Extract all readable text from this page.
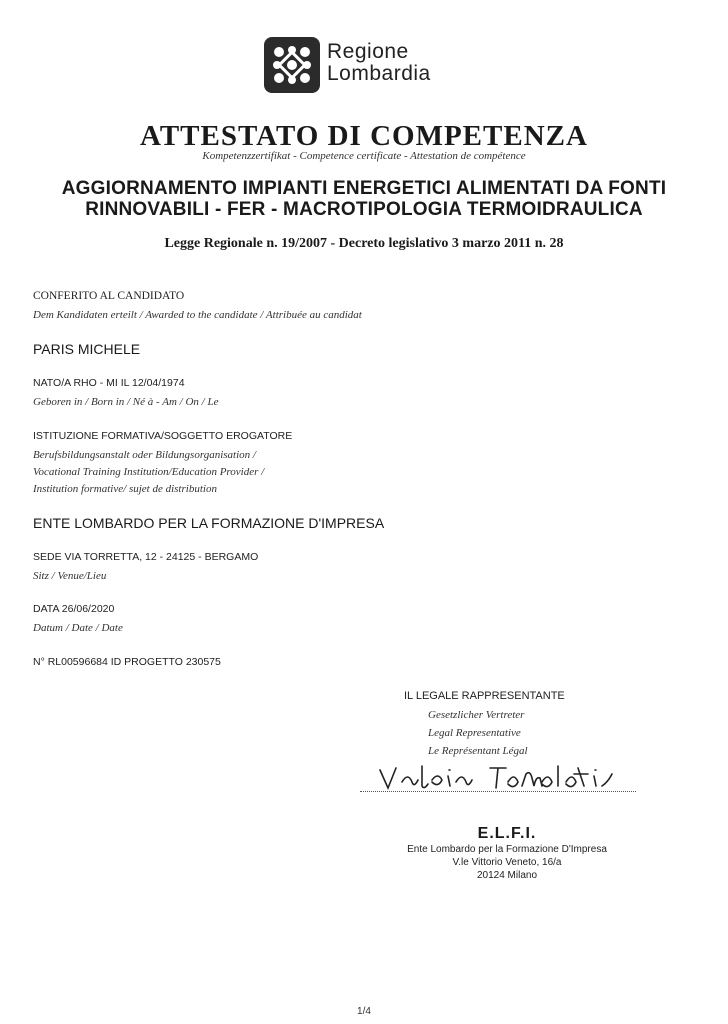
Regione
Lombardia
ATTESTATO DI COMPETENZA
Kompetenzzertifikat - Competence certificate - Attestation de compétence
AGGIORNAMENTO IMPIANTI ENERGETICI ALIMENTATI DA FONTI
RINNOVABILI - FER - MACROTIPOLOGIA TERMOIDRAULICA
Legge Regionale n. 19/2007 - Decreto legislativo 3 marzo 2011 n. 28
CONFERITO AL CANDIDATO
Dem Kandidaten erteilt / Awarded to the candidate / Attribuée au candidat
PARIS MICHELE
NATO/A RHO - MI IL 12/04/1974
Geboren in / Born in / Né à - Am / On / Le
ISTITUZIONE FORMATIVA/SOGGETTO EROGATORE
Berufsbildungsanstalt oder Bildungsorganisation /
Vocational Training Institution/Education Provider /
Institution formative/ sujet de distribution
ENTE LOMBARDO PER LA FORMAZIONE D'IMPRESA
SEDE VIA TORRETTA, 12 - 24125 - BERGAMO
Sitz / Venue/Lieu
DATA 26/06/2020
Datum / Date / Date
N° RL00596684 ID PROGETTO 230575
IL LEGALE RAPPRESENTANTE
Gesetzlicher Vertreter
Legal Representative
Le Représentant Légal
E.L.F.I.
Ente Lombardo per la Formazione D'Impresa
V.le Vittorio Veneto, 16/a
20124 Milano
1/4
